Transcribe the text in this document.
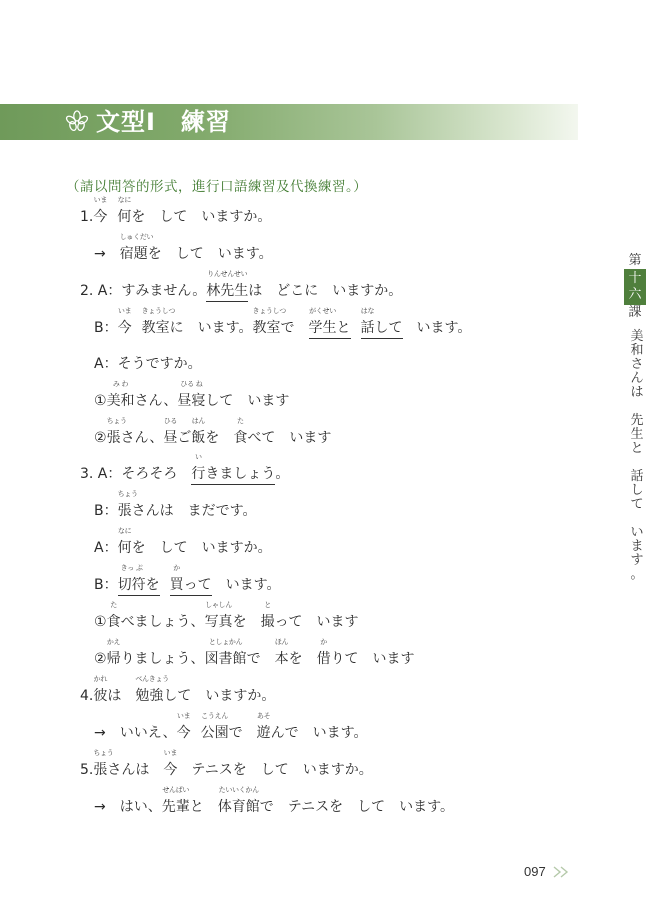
文型Ⅰ　練習
（請以問答的形式，進行口語練習及代換練習。）
1.今
いま
何
なに
を　して　いますか。
→　宿題
しゅくだい
を　して　います。
2. A：すみません。林先生
りんせんせい
は　どこに　いますか。
B：今
いま
教室
きょうしつ
に　います。教室
きょうしつ
で　学生
がくせい
と 話
はな
して　います。
A：そうですか。
①美和
み わ
さん、昼寝
ひる ね
して　います
②張
ちょう
さん、昼
ひる
ご飯
はん
を　食
た
べて　います
3. A：そろそろ　行
い
きましょう。
B：張
ちょう
さんは　まだです。
A：何
なに
を　して　いますか。
B：切符
きっ ぷ
を 買
か
って　います。
①食
た
べましょう、写真
しゃしん
を　撮
と
って　います
②帰
かえ
りましょう、図書館
としょかん
で　本
ほん
を　借
か
りて　います
4.彼
かれ
は　勉強
べんきょう
して　いますか。
→　いいえ、今
いま
公園
こうえん
で　遊
あそ
んで　います。
5.張
ちょう
さんは　今
いま
　テニスを　して　いますか。
→　はい、先輩
せんぱい
と　体育館
たいいくかん
で　テニスを　して　います。
第
十
六
課
美
和
さ
ん
は

先
生
と

話
し
て

い
ま
す
。
097
